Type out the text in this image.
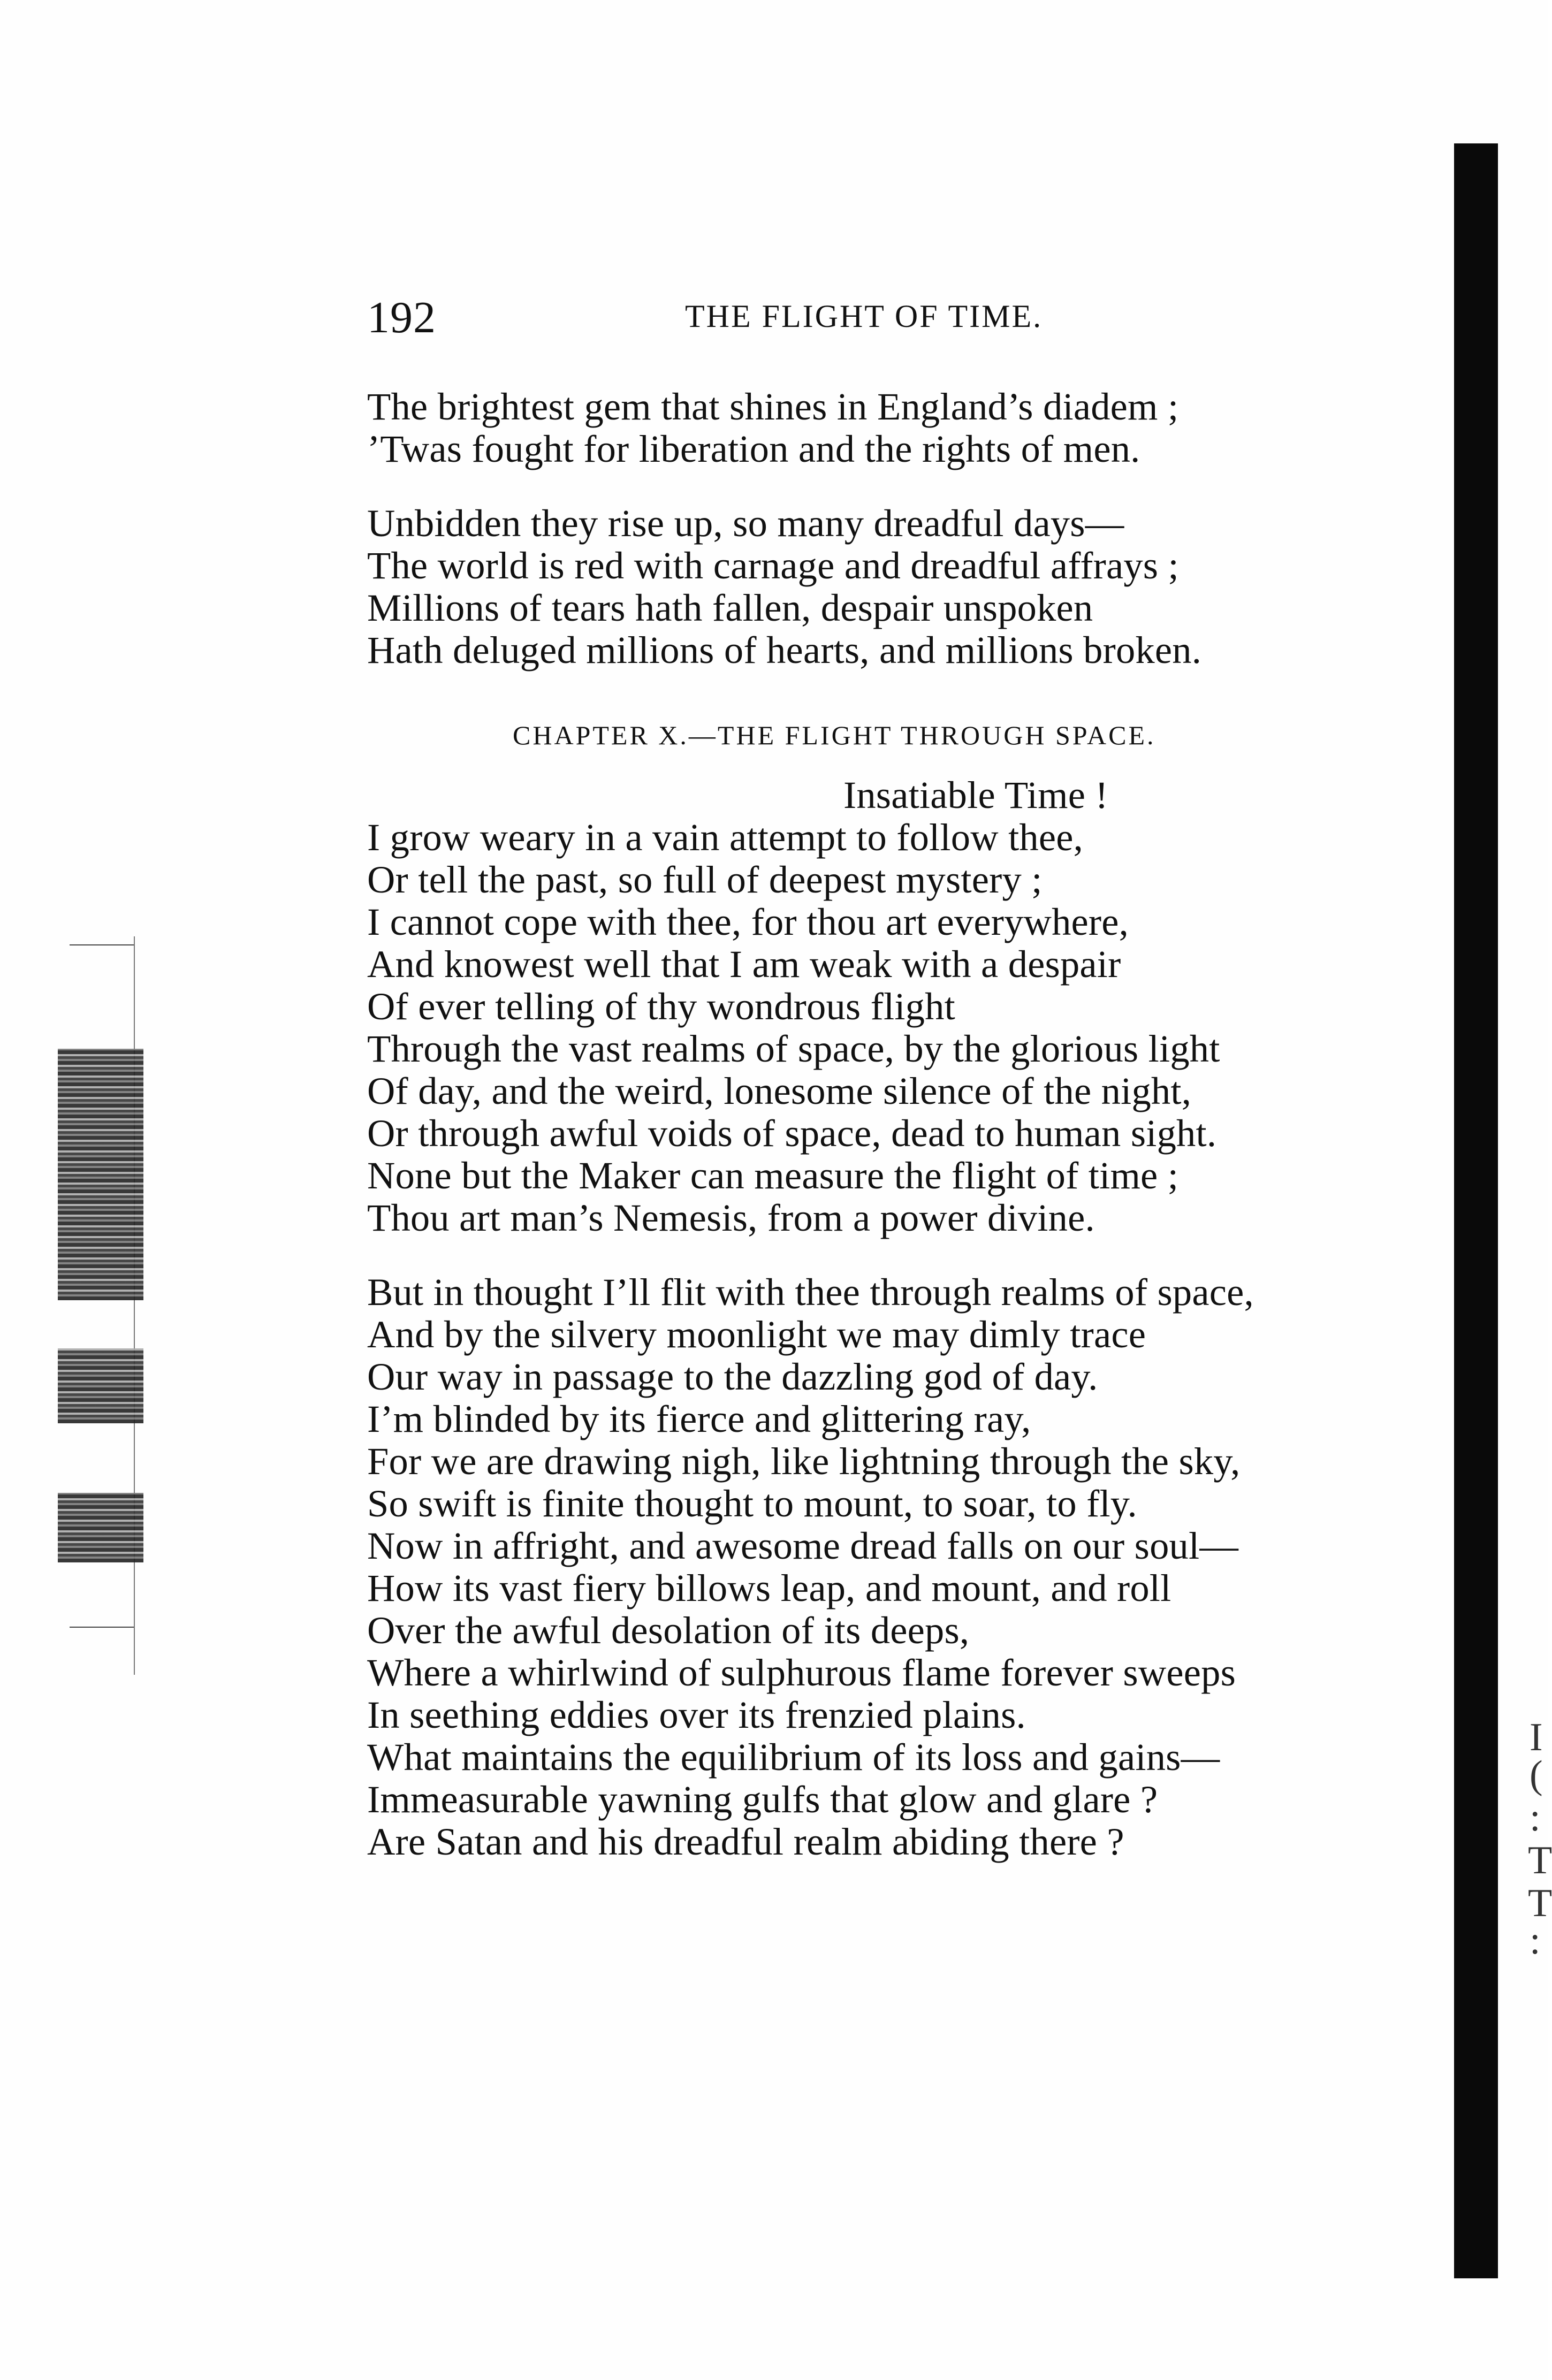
I
(
:
T
T
:
192	THE FLIGHT OF TIME.
The brightest gem that shines in England’s diadem ;
’Twas fought for liberation and the rights of men.
Unbidden they rise up, so many dreadful days—
The world is red with carnage and dreadful affrays ;
Millions of tears hath fallen, despair unspoken
Hath deluged millions of hearts, and millions broken.
CHAPTER X.—THE FLIGHT THROUGH SPACE.
Insatiable Time !
I grow weary in a vain attempt to follow thee,
Or tell the past, so full of deepest mystery ;
I cannot cope with thee, for thou art everywhere,
And knowest well that I am weak with a despair
Of ever telling of thy wondrous flight
Through the vast realms of space, by the glorious light
Of day, and the weird, lonesome silence of the night,
Or through awful voids of space, dead to human sight.
None but the Maker can measure the flight of time ;
Thou art man’s Nemesis, from a power divine.
But in thought I’ll flit with thee through realms of space,
And by the silvery moonlight we may dimly trace
Our way in passage to the dazzling god of day.
I’m blinded by its fierce and glittering ray,
For we are drawing nigh, like lightning through the sky,
So swift is finite thought to mount, to soar, to fly.
Now in affright, and awesome dread falls on our soul—
How its vast fiery billows leap, and mount, and roll
Over the awful desolation of its deeps,
Where a whirlwind of sulphurous flame forever sweeps
In seething eddies over its frenzied plains.
What maintains the equilibrium of its loss and gains—
Immeasurable yawning gulfs that glow and glare ?
Are Satan and his dreadful realm abiding there ?
